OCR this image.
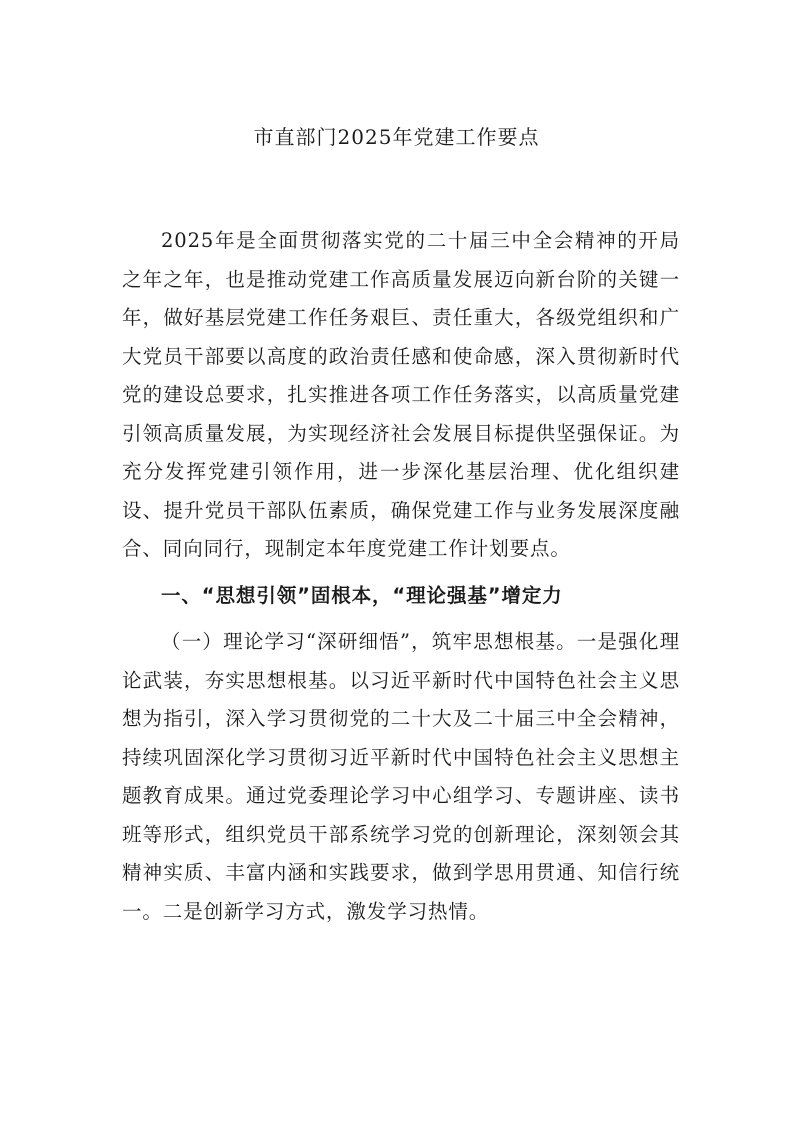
市直部门2025年党建工作要点

2025年是全面贯彻落实党的二十届三中全会精神的开局之年之年，也是推动党建工作高质量发展迈向新台阶的关键一年，做好基层党建工作任务艰巨、责任重大，各级党组织和广大党员干部要以高度的政治责任感和使命感，深入贯彻新时代党的建设总要求，扎实推进各项工作任务落实，以高质量党建引领高质量发展，为实现经济社会发展目标提供坚强保证。为充分发挥党建引领作用，进一步深化基层治理、优化组织建设、提升党员干部队伍素质，确保党建工作与业务发展深度融合、同向同行，现制定本年度党建工作计划要点。

一、“思想引领”固根本，“理论强基”增定力

（一）理论学习“深研细悟”，筑牢思想根基。一是强化理论武装，夯实思想根基。以习近平新时代中国特色社会主义思想为指引，深入学习贯彻党的二十大及二十届三中全会精神，持续巩固深化学习贯彻习近平新时代中国特色社会主义思想主题教育成果。通过党委理论学习中心组学习、专题讲座、读书班等形式，组织党员干部系统学习党的创新理论，深刻领会其精神实质、丰富内涵和实践要求，做到学思用贯通、知信行统一。二是创新学习方式，激发学习热情。
